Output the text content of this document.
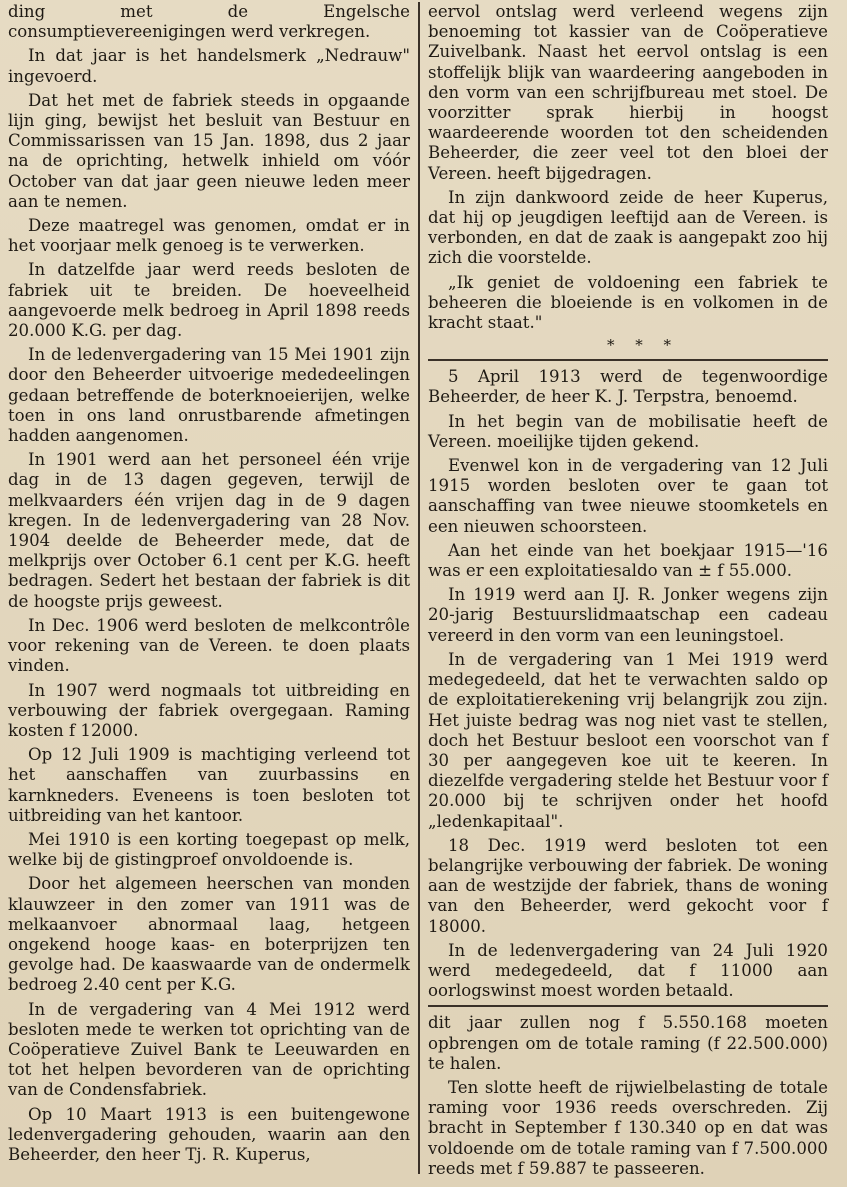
ding met de Engelsche consumptievereenigingen werd verkregen.

In dat jaar is het handelsmerk „Nedrauw" ingevoerd.

Dat het met de fabriek steeds in opgaande lijn ging, bewijst het besluit van Bestuur en Commissarissen van 15 Jan. 1898, dus 2 jaar na de oprichting, hetwelk inhield om vóór October van dat jaar geen nieuwe leden meer aan te nemen.

Deze maatregel was genomen, omdat er in het voorjaar melk genoeg is te verwerken.

In datzelfde jaar werd reeds besloten de fabriek uit te breiden. De hoeveelheid aangevoerde melk bedroeg in April 1898 reeds 20.000 K.G. per dag.

In de ledenvergadering van 15 Mei 1901 zijn door den Beheerder uitvoerige mededeelingen gedaan betreffende de boterknoeierijen, welke toen in ons land onrustbarende afmetingen hadden aangenomen.

In 1901 werd aan het personeel één vrije dag in de 13 dagen gegeven, terwijl de melkvaarders één vrijen dag in de 9 dagen kregen. In de ledenvergadering van 28 Nov. 1904 deelde de Beheerder mede, dat de melkprijs over October 6.1 cent per K.G. heeft bedragen. Sedert het bestaan der fabriek is dit de hoogste prijs geweest.

In Dec. 1906 werd besloten de melkcontrôle voor rekening van de Vereen. te doen plaats vinden.

In 1907 werd nogmaals tot uitbreiding en verbouwing der fabriek overgegaan. Raming kosten f 12000.

Op 12 Juli 1909 is machtiging verleend tot het aanschaffen van zuurbassins en karnkneders. Eveneens is toen besloten tot uitbreiding van het kantoor.

Mei 1910 is een korting toegepast op melk, welke bij de gistingproef onvoldoende is.

Door het algemeen heerschen van monden klauwzeer in den zomer van 1911 was de melkaanvoer abnormaal laag, hetgeen ongekend hooge kaas- en boterprijzen ten gevolge had. De kaaswaarde van de ondermelk bedroeg 2.40 cent per K.G.

In de vergadering van 4 Mei 1912 werd besloten mede te werken tot oprichting van de Coöperatieve Zuivel Bank te Leeuwarden en tot het helpen bevorderen van de oprichting van de Condensfabriek.

Op 10 Maart 1913 is een buitengewone ledenvergadering gehouden, waarin aan den Beheerder, den heer Tj. R. Kuperus,

eervol ontslag werd verleend wegens zijn benoeming tot kassier van de Coöperatieve Zuivelbank. Naast het eervol ontslag is een stoffelijk blijk van waardeering aangeboden in den vorm van een schrijfbureau met stoel. De voorzitter sprak hierbij in hoogst waardeerende woorden tot den scheidenden Beheerder, die zeer veel tot den bloei der Vereen. heeft bijgedragen.

In zijn dankwoord zeide de heer Kuperus, dat hij op jeugdigen leeftijd aan de Vereen. is verbonden, en dat de zaak is aangepakt zoo hij zich die voorstelde.

„Ik geniet de voldoening een fabriek te beheeren die bloeiende is en volkomen in de kracht staat."

* * *

5 April 1913 werd de tegenwoordige Beheerder, de heer K. J. Terpstra, benoemd.

In het begin van de mobilisatie heeft de Vereen. moeilijke tijden gekend.

Evenwel kon in de vergadering van 12 Juli 1915 worden besloten over te gaan tot aanschaffing van twee nieuwe stoomketels en een nieuwen schoorsteen.

Aan het einde van het boekjaar 1915—'16 was er een exploitatiesaldo van ± f 55.000.

In 1919 werd aan IJ. R. Jonker wegens zijn 20-jarig Bestuurslidmaatschap een cadeau vereerd in den vorm van een leuningstoel.

In de vergadering van 1 Mei 1919 werd medegedeeld, dat het te verwachten saldo op de exploitatierekening vrij belangrijk zou zijn. Het juiste bedrag was nog niet vast te stellen, doch het Bestuur besloot een voorschot van f 30 per aangegeven koe uit te keeren. In diezelfde vergadering stelde het Bestuur voor f 20.000 bij te schrijven onder het hoofd „ledenkapitaal".

18 Dec. 1919 werd besloten tot een belangrijke verbouwing der fabriek. De woning aan de westzijde der fabriek, thans de woning van den Beheerder, werd gekocht voor f 18000.

In de ledenvergadering van 24 Juli 1920 werd medegedeeld, dat f 11000 aan oorlogswinst moest worden betaald.

dit jaar zullen nog f 5.550.168 moeten opbrengen om de totale raming (f 22.500.000) te halen.

Ten slotte heeft de rijwielbelasting de totale raming voor 1936 reeds overschreden. Zij bracht in September f 130.340 op en dat was voldoende om de totale raming van f 7.500.000 reeds met f 59.887 te passeeren.
